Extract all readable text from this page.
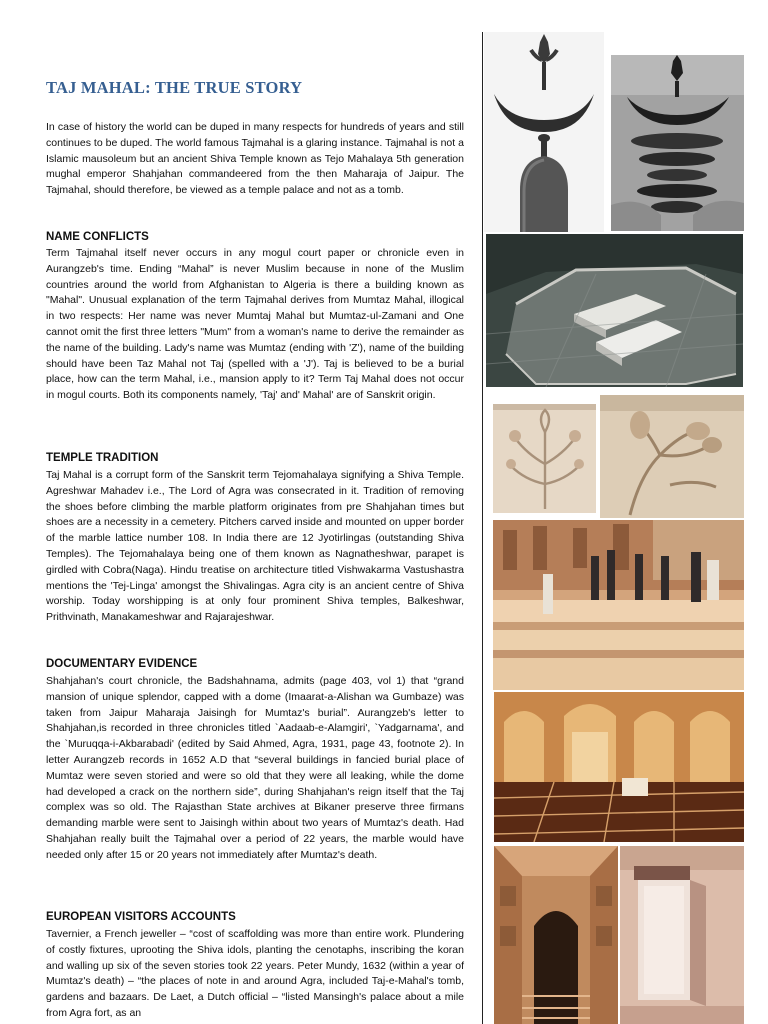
TAJ MAHAL: THE TRUE STORY

In case of history the world can be duped in many respects for hundreds of years and still continues to be duped. The world famous Tajmahal is a glaring instance. Tajmahal is not a Islamic mausoleum but an ancient Shiva Temple known as Tejo Mahalaya 5th generation mughal emperor Shahjahan commandeered from the then Maharaja of Jaipur. The Tajmahal, should therefore, be viewed as a temple palace and not as a tomb.

NAME CONFLICTS

Term Tajmahal itself never occurs in any mogul court paper or chronicle even in Aurangzeb's time. Ending “Mahal” is never Muslim because in none of the Muslim countries around the world from Afghanistan to Algeria is there a building known as "Mahal". Unusual explanation of the term Tajmahal derives from Mumtaz Mahal, illogical in two respects: Her name was never Mumtaj Mahal but Mumtaz-ul-Zamani and One cannot omit the first three letters "Mum" from a woman's name to derive the remainder as the name of the building. Lady's name was Mumtaz (ending with 'Z'), name of the building should have been Taz Mahal not Taj (spelled with a 'J'). Taj is believed to be a burial place, how can the term Mahal, i.e., mansion apply to it? Term Taj Mahal does not occur in mogul courts. Both its components namely, 'Taj' and' Mahal' are of Sanskrit origin.

TEMPLE TRADITION

Taj Mahal is a corrupt form of the Sanskrit term Tejomahalaya signifying a Shiva Temple. Agreshwar Mahadev i.e., The Lord of Agra was consecrated in it. Tradition of removing the shoes before climbing the marble platform originates from pre Shahjahan times but shoes are a necessity in a cemetery. Pitchers carved inside and mounted on upper border of the marble lattice number 108. In India there are 12 Jyotirlingas (outstanding Shiva Temples). The Tejomahalaya being one of them known as Nagnatheshwar, parapet is girdled with Cobra(Naga). Hindu treatise on architecture titled Vishwakarma Vastushastra mentions the 'Tej-Linga' amongst the Shivalingas. Agra city is an ancient centre of Shiva worship. Today worshipping is at only four prominent Shiva temples, Balkeshwar, Prithvinath, Manakameshwar and Rajarajeshwar.

DOCUMENTARY EVIDENCE

Shahjahan's court chronicle, the Badshahnama, admits (page 403, vol 1) that “grand mansion of unique splendor, capped with a dome (Imaarat-a-Alishan wa Gumbaze) was taken from Jaipur Maharaja Jaisingh for Mumtaz's burial”. Aurangzeb's letter to Shahjahan,is recorded in three chronicles titled `Aadaab-e-Alamgiri', `Yadgarnama', and the `Muruqqa-i-Akbarabadi' (edited by Said Ahmed, Agra, 1931, page 43, footnote 2). In letter Aurangzeb records in 1652 A.D that “several buildings in fancied burial place of Mumtaz were seven storied and were so old that they were all leaking, while the dome had developed a crack on the northern side”, during Shahjahan's reign itself that the Taj complex was so old. The Rajasthan State archives at Bikaner preserve three firmans demanding marble were sent to Jaisingh within about two years of Mumtaz's death. Had Shahjahan really built the Tajmahal over a period of 22 years, the marble would have needed only after 15 or 20 years not immediately after Mumtaz's death.

EUROPEAN VISITORS ACCOUNTS

Tavernier, a French jeweller – “cost of scaffolding was more than entire work. Plundering of costly fixtures, uprooting the Shiva idols, planting the cenotaphs, inscribing the koran and walling up six of the seven stories took 22 years. Peter Mundy, 1632 (within a year of Mumtaz's death) – “the places of note in and around Agra, included Taj-e-Mahal's tomb, gardens and bazaars. De Laet, a Dutch official – “listed Mansingh's palace about a mile from Agra fort, as an
